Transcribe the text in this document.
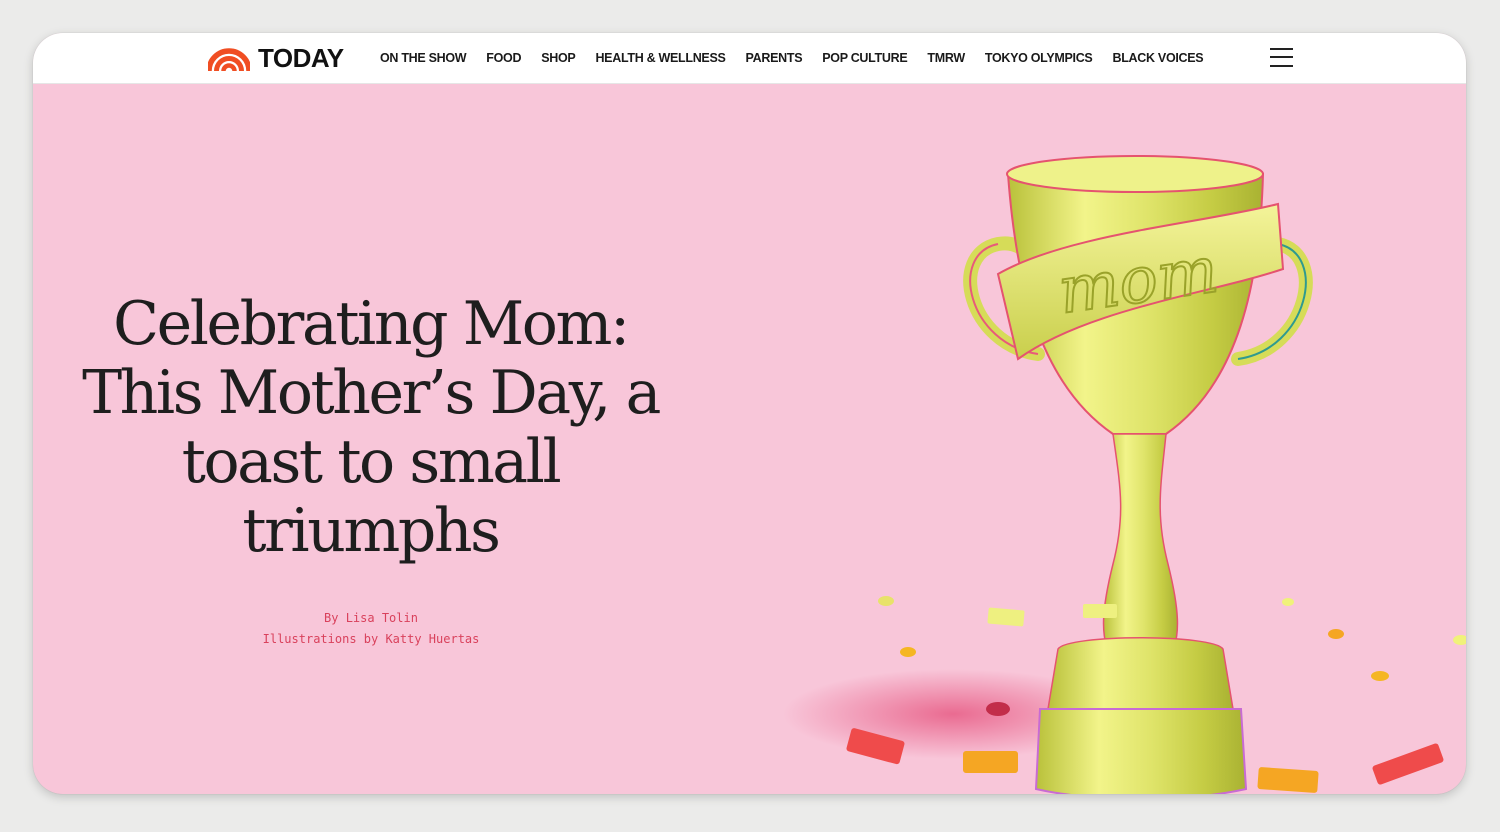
TODAY	ON THE SHOW FOOD SHOP HEALTH & WELLNESS PARENTS POP CULTURE TMRW TOKYO OLYMPICS BLACK VOICES
Celebrating Mom:
This Mother’s Day, a
toast to small
triumphs
By Lisa Tolin
Illustrations by Katty Huertas
mom
